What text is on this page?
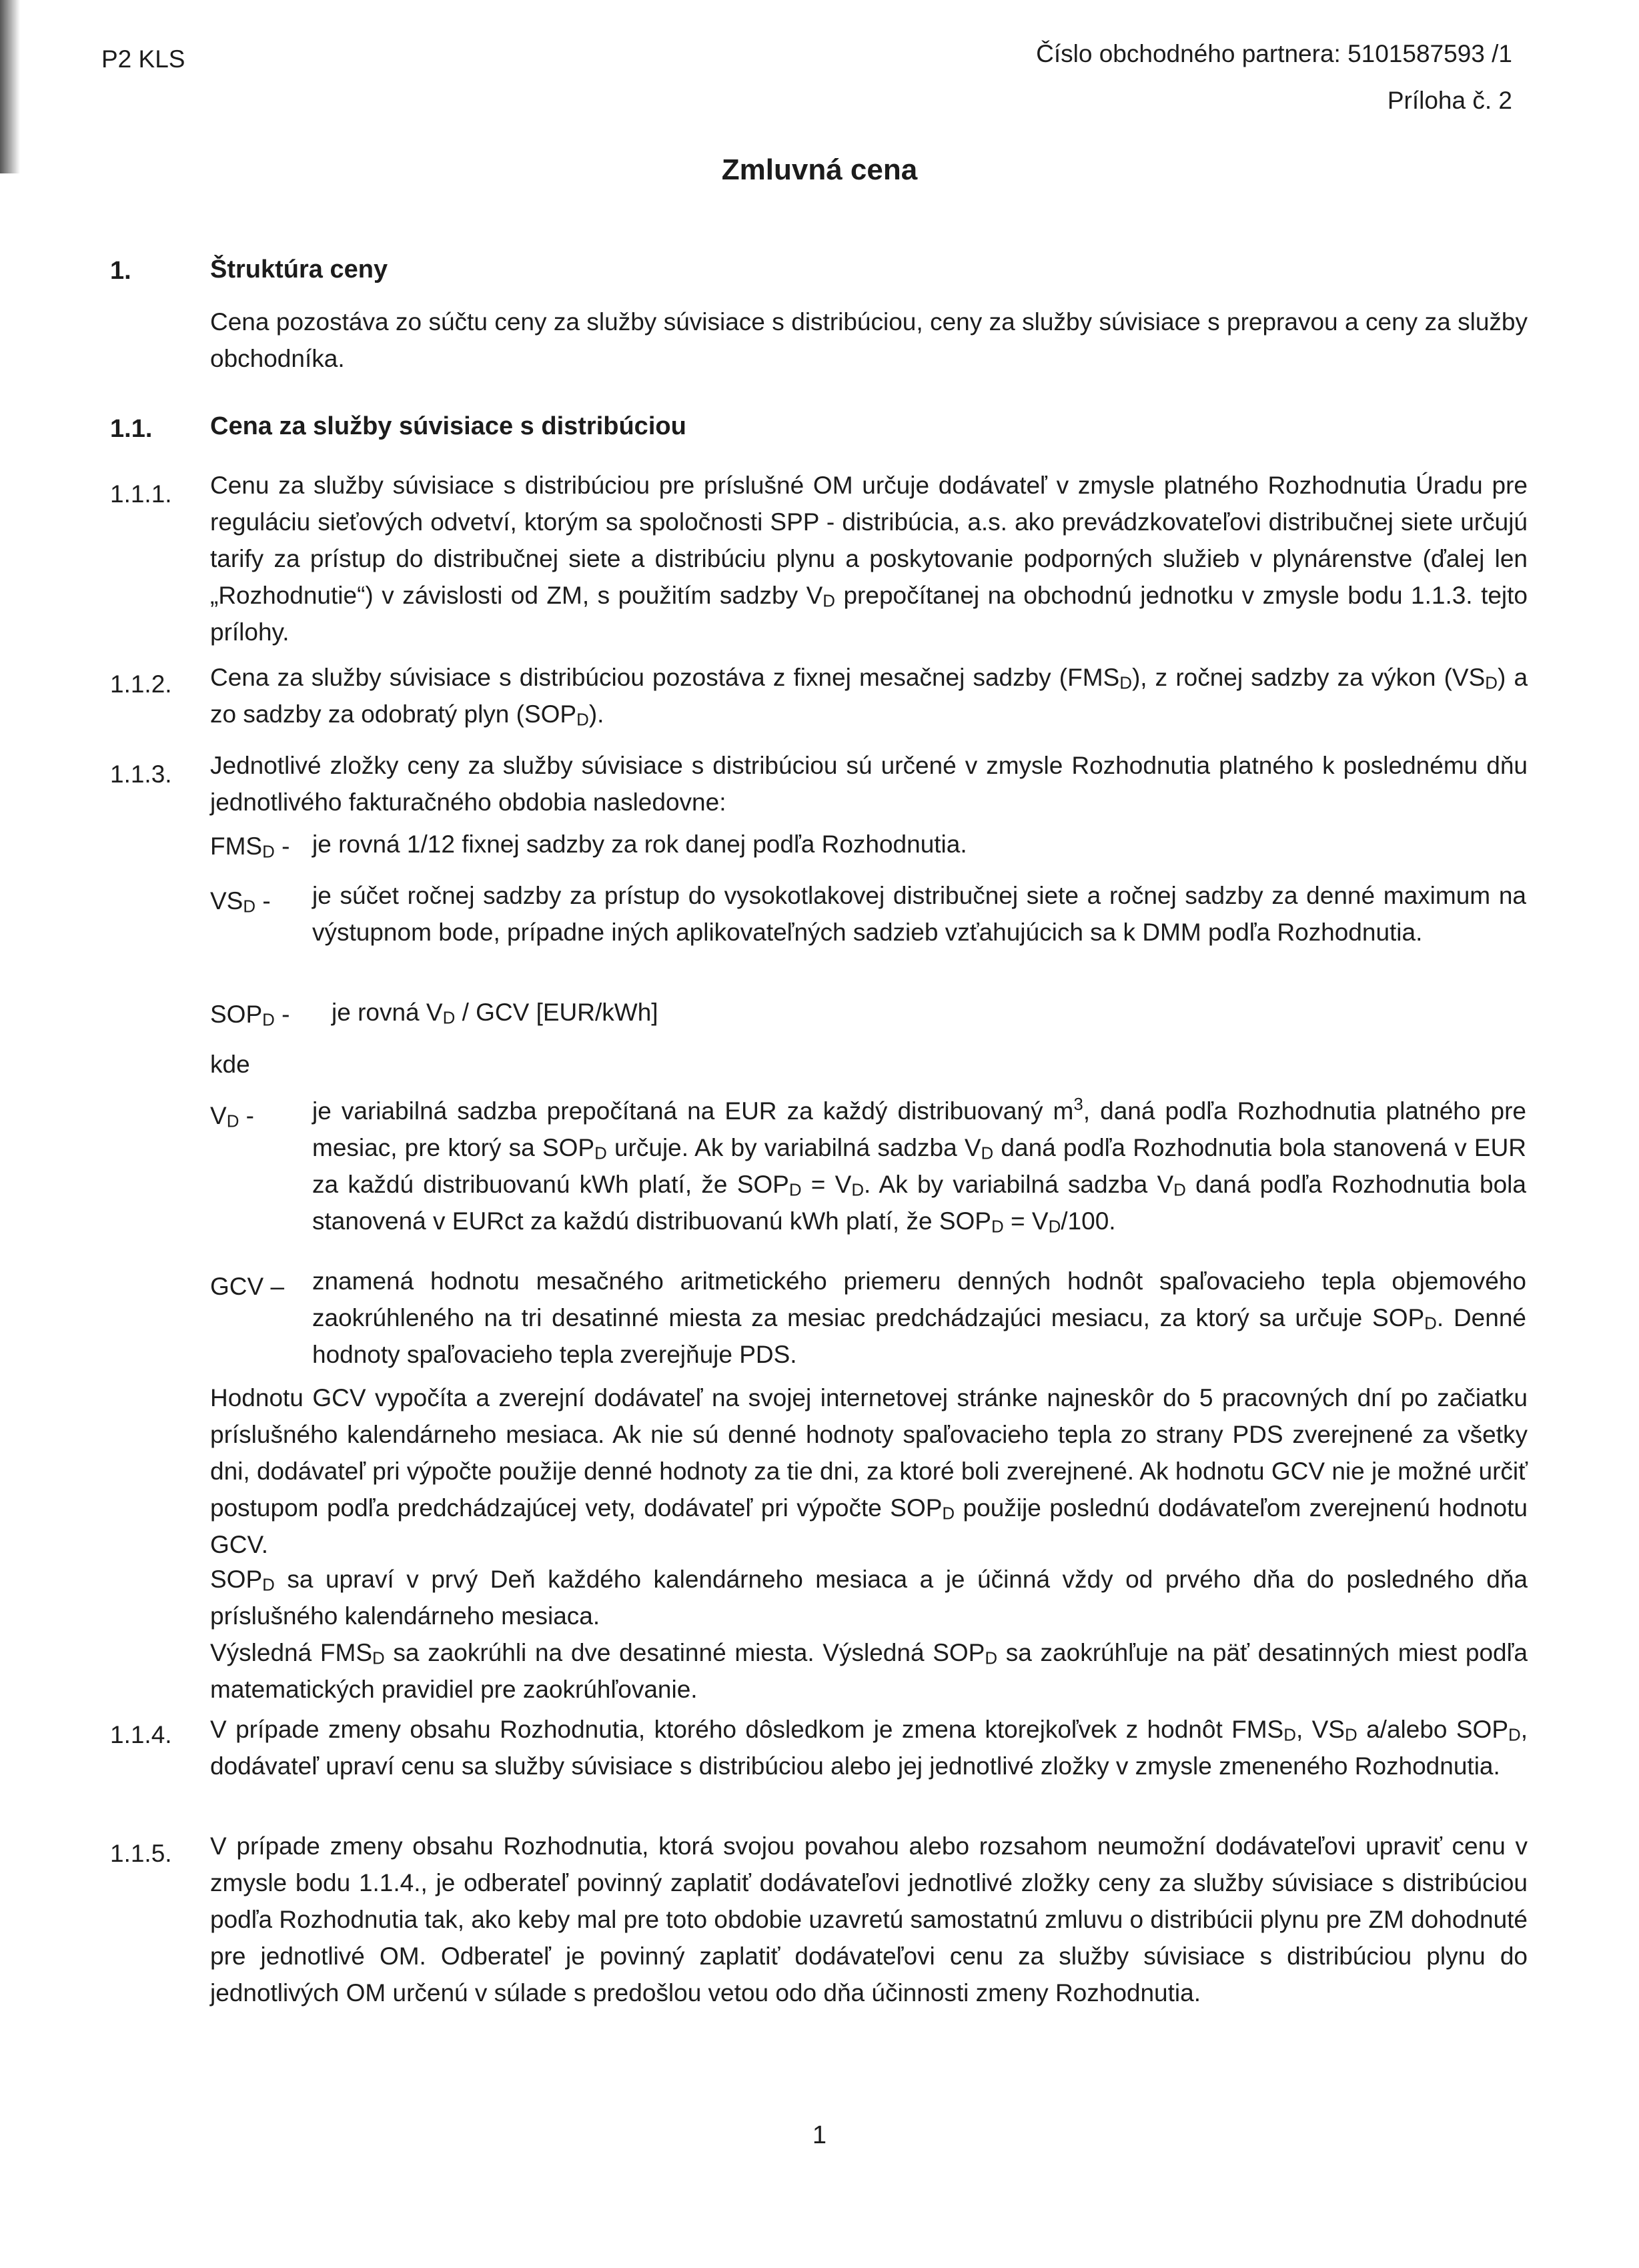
P2 KLS	Číslo obchodného partnera: 5101587593 /1
Príloha č. 2
Zmluvná cena
1.	Štruktúra ceny

Cena pozostáva zo súčtu ceny za služby súvisiace s distribúciou, ceny za služby súvisiace s prepravou a ceny za služby obchodníka.

1.1. Cena za služby súvisiace s distribúciou
1.1.1. Cenu za služby súvisiace s distribúciou pre príslušné OM určuje dodávateľ v zmysle platného Rozhodnutia Úradu pre reguláciu sieťových odvetví, ktorým sa spoločnosti SPP - distribúcia, a.s. ako prevádzkovateľovi distribučnej siete určujú tarify za prístup do distribučnej siete a distribúciu plynu a poskytovanie podporných služieb v plynárenstve (ďalej len „Rozhodnutie“) v závislosti od ZM, s použitím sadzby $V_D$ prepočítanej na obchodnú jednotku v zmysle bodu 1.1.3. tejto prílohy.

1.1.2. Cena za služby súvisiace s distribúciou pozostáva z fixnej mesačnej sadzby $(FMS_D)$, z ročnej sadzby za výkon $(VS_D)$ a zo sadzby za odobratý plyn $(SOP_D)$.

1.1.3. Jednotlivé zložky ceny za služby súvisiace s distribúciou sú určené v zmysle Rozhodnutia platného k poslednému dňu jednotlivého fakturačného obdobia nasledovne:

$FMS_D$ - je rovná 1/12 fixnej sadzby za rok danej podľa Rozhodnutia.

$VS_D$ - je súčet ročnej sadzby za prístup do vysokotlakovej distribučnej siete a ročnej sadzby za denné maximum na výstupnom bode, prípadne iných aplikovateľných sadzieb vzťahujúcich sa k DMM podľa Rozhodnutia.

$SOP_D$ - je rovná $V_D$ / GCV [EUR/kWh]

kde
$V_D$ - je variabilná sadzba prepočítaná na EUR za každý distribuovaný $m^3$, daná podľa Rozhodnutia platného pre mesiac, pre ktorý sa $SOP_D$ určuje. Ak by variabilná sadzba $V_D$ daná podľa Rozhodnutia bola stanovená v EUR za každú distribuovanú kWh platí, že $SOP_D = V_D$. Ak by variabilná sadzba $V_D$ daná podľa Rozhodnutia bola stanovená v EURct za každú distribuovanú kWh platí, že $SOP_D = V_D/100$.

GCV – znamená hodnotu mesačného aritmetického priemeru denných hodnôt spaľovacieho tepla objemového zaokrúhleného na tri desatinné miesta za mesiac predchádzajúci mesiacu, za ktorý sa určuje $SOP_D$. Denné hodnoty spaľovacieho tepla zverejňuje PDS.

Hodnotu GCV vypočíta a zverejní dodávateľ na svojej internetovej stránke najneskôr do 5 pracovných dní po začiatku príslušného kalendárneho mesiaca. Ak nie sú denné hodnoty spaľovacieho tepla zo strany PDS zverejnené za všetky dni, dodávateľ pri výpočte použije denné hodnoty za tie dni, za ktoré boli zverejnené. Ak hodnotu GCV nie je možné určiť postupom podľa predchádzajúcej vety, dodávateľ pri výpočte $SOP_D$ použije poslednú dodávateľom zverejnenú hodnotu GCV.

$SOP_D$ sa upraví v prvý Deň každého kalendárneho mesiaca a je účinná vždy od prvého dňa do posledného dňa príslušného kalendárneho mesiaca.

Výsledná $FMS_D$ sa zaokrúhli na dve desatinné miesta. Výsledná $SOP_D$ sa zaokrúhľuje na päť desatinných miest podľa matematických pravidiel pre zaokrúhľovanie.

1.1.4. V prípade zmeny obsahu Rozhodnutia, ktorého dôsledkom je zmena ktorejkoľvek z hodnôt $FMS_D$, $VS_D$ a/alebo $SOP_D$, dodávateľ upraví cenu sa služby súvisiace s distribúciou alebo jej jednotlivé zložky v zmysle zmeneného Rozhodnutia.

1.1.5. V prípade zmeny obsahu Rozhodnutia, ktorá svojou povahou alebo rozsahom neumožní dodávateľovi upraviť cenu v zmysle bodu 1.1.4., je odberateľ povinný zaplatiť dodávateľovi jednotlivé zložky ceny za služby súvisiace s distribúciou podľa Rozhodnutia tak, ako keby mal pre toto obdobie uzavretú samostatnú zmluvu o distribúcii plynu pre ZM dohodnuté pre jednotlivé OM. Odberateľ je povinný zaplatiť dodávateľovi cenu za služby súvisiace s distribúciou plynu do jednotlivých OM určenú v súlade s predošlou vetou odo dňa účinnosti zmeny Rozhodnutia.

1
